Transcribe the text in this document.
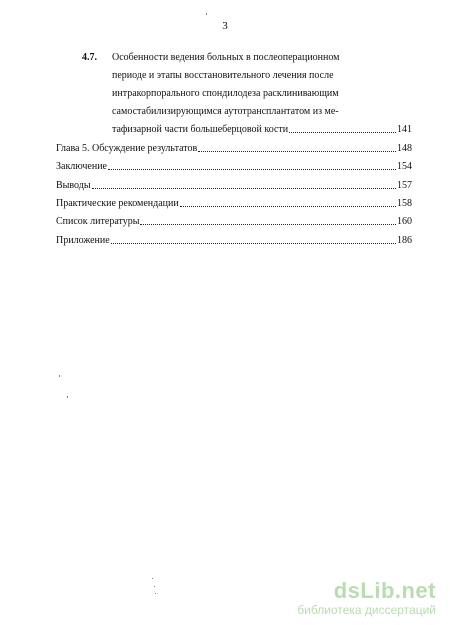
3
4.7. Особенности ведения больных в послеоперационном
периоде и этапы восстановительного лечения после
интракорпорального спондилодеза расклинивающим
самостабилизирующимся аутотрансплантатом из ме-
тафизарной части большеберцовой кости	141
Глава 5. Обсуждение результатов	148
Заключение	154
Выводы	157
Практические рекомендации	158
Список литературы	160
Приложение	186
dsLib.net
библиотека диссертаций
